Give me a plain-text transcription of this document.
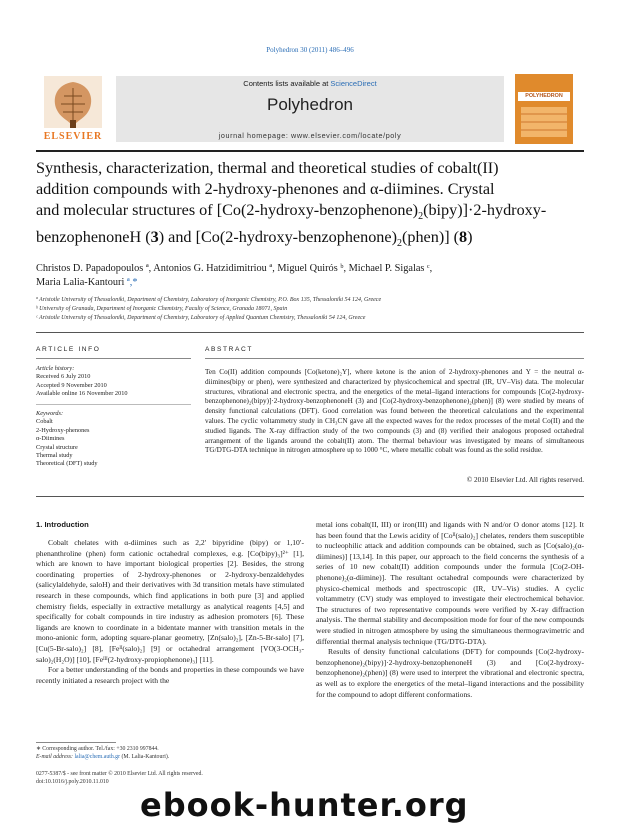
Polyhedron 30 (2011) 486–496
ELSEVIER
Contents lists available at ScienceDirect
Polyhedron
journal homepage: www.elsevier.com/locate/poly
POLYHEDRON
Synthesis, characterization, thermal and theoretical studies of cobalt(II)
addition compounds with 2-hydroxy-phenones and α-diimines. Crystal
and molecular structures of $[Co(2-hydroxy-benzophenone)_2(bipy)]\cdot 2-hydroxy-$
benzophenoneH (3) and $[Co(2-hydroxy-benzophenone)_2(phen)]$ (8)
Christos D. Papadopoulos ª, Antonios G. Hatzidimitriou ª, Miguel Quirós ᵇ, Michael P. Sigalas ᶜ,
Maria Lalia-Kantouri ª,*
ª Aristotle University of Thessaloniki, Department of Chemistry, Laboratory of Inorganic Chemistry, P.O. Box 135, Thessaloniki 54 124, Greece
ᵇ University of Granada, Department of Inorganic Chemistry, Faculty of Science, Granada 18071, Spain
ᶜ Aristotle University of Thessaloniki, Department of Chemistry, Laboratory of Applied Quantum Chemistry, Thessaloniki 54 124, Greece
ARTICLE INFO
Article history:
Received 6 July 2010
Accepted 9 November 2010
Available online 16 November 2010
Keywords:
Cobalt
2-Hydroxy-phenones
α-Diimines
Crystal structure
Thermal study
Theoretical (DFT) study
ABSTRACT
Ten Co(II) addition compounds [Co(ketone)₂Y], where ketone is the anion of 2-hydroxy-phenones and Y = the neutral α-diimines(bipy or phen), were synthesized and characterized by physicochemical and spectral (IR, UV–Vis) data. The molecular structures, vibrational and electronic spectra, and the energetics of the metal–ligand interactions for compounds [Co(2-hydroxy-benzophenone)₂(bipy)]·2-hydroxy-benzophenoneH (3) and [Co(2-hydroxy-benzophenone)₂(phen)] (8) were studied by means of density functional calculations (DFT). Good correlation was found between the theoretical calculations and the experimental values. The cyclic voltammetry study in CH₃CN gave all the expected waves for the redox processes of the metal Co(II) and the studied ligands. The X-ray diffraction study of the two compounds (3) and (8) verified their analogous proposed octahedral arrangement of the ligands around the cobalt(II) atom. The thermal behaviour was investigated by means of simultaneous TG/DTG-DTA technique in nitrogen atmosphere up to 1000 °C, where metallic cobalt was found as the solid residue.
© 2010 Elsevier Ltd. All rights reserved.
1. Introduction

Cobalt chelates with α-diimines such as 2,2′ bipyridine (bipy) or 1,10′-phenanthroline (phen) form cationic octahedral complexes, e.g. [Co(bipy)₃]²⁺ [1], which are known to have important biological properties [2]. Besides, the strong coordinating properties of 2-hydroxy-phenones or 2-hydroxy-benzaldehydes (salicylaldehyde, saloH) and their derivatives with 3d transition metals have stimulated research in these compounds, which find applications in both pure [3] and applied chemistry fields, especially in extractive metallurgy as analytical reagents [4,5] and specifically for cobalt compounds in tire industry as adhesion promoters [6]. These ligands are known to coordinate in a bidentate manner with transition metals in the mono-anionic form, adopting square-planar geometry, [Zn(salo)₂], [Zn-5-Br-salo] [7], [Cu(5-Br-salo)₂] [8], [Feᴵᴵ(salo)₂] [9] or octahedral arrangement [VO(3-OCH₃-salo)₂(H₂O)] [10], [Feᴵᴵᴵ(2-hydroxy-propiophenone)₃] [11].

For a better understanding of the bonds and properties in these compounds we have recently initiated a research project with the

metal ions cobalt(II, III) or iron(III) and ligands with N and/or O donor atoms [12]. It has been found that the Lewis acidity of [Coᴵᴵ(salo)₂] chelates, renders them susceptible to nucleophilic attack and addition compounds can be obtained, such as [Co(salo)₂(α-diimines)] [13,14]. In this paper, our approach to the field concerns the synthesis of a series of 10 new cobalt(II) addition compounds under the formula [Co(2-OH-phenone)₂(α-diimine)]. The resultant octahedral compounds were characterized by physico-chemical methods and spectroscopic (IR, UV–Vis) studies. A cyclic voltammetry (CV) study was employed to investigate their electrochemical behavior. The structures of two representative compounds were verified by X-ray diffraction analysis. The thermal stability and decomposition mode for four of the new compounds were studied in nitrogen atmosphere by using the simultaneous thermogravimetric and differential thermal analysis technique (TG/DTG-DTA).

Results of density functional calculations (DFT) for compounds [Co(2-hydroxy-benzophenone)₂(bipy)]·2-hydroxy-benzophenoneH (3) and [Co(2-hydroxy-benzophenone)₂(phen)] (8) were used to interpret the vibrational and electronic spectra, as well as to explore the energetics of the metal–ligand interactions and the possibility for the compound to adopt different conformations.

∗ Corresponding author. Tel./fax: +30 2310 997844.
E-mail address: lalia@chem.auth.gr (M. Lalia-Kantouri).
0277-5387/$ - see front matter © 2010 Elsevier Ltd. All rights reserved.
doi:10.1016/j.poly.2010.11.010
ebook-hunter.org
